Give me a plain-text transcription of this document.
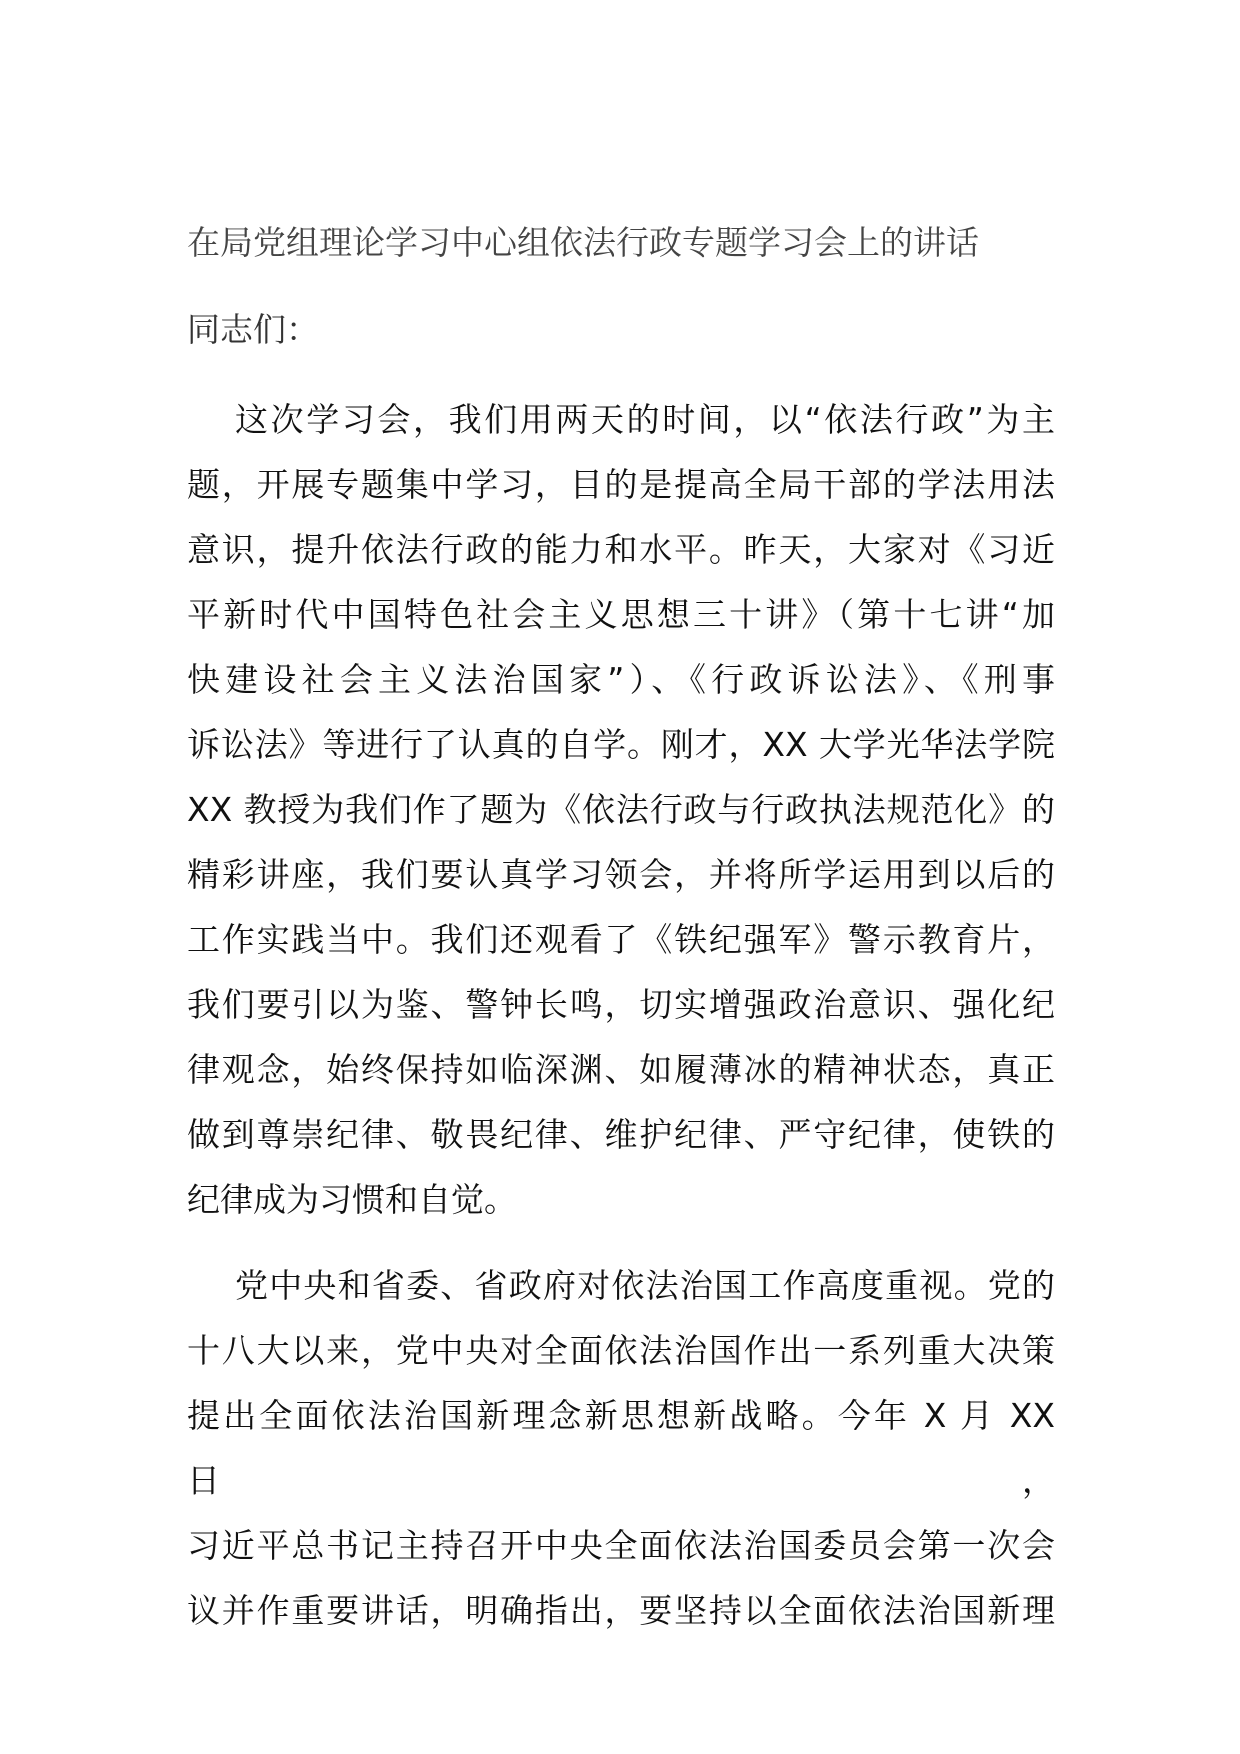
在局党组理论学习中心组依法行政专题学习会上的讲话
同志们：
这次学习会，我们用两天的时间，以“依法行政”为主
题，开展专题集中学习，目的是提高全局干部的学法用法
意识，提升依法行政的能力和水平。昨天，大家对《习近
平新时代中国特色社会主义思想三十讲》（第十七讲“加
快建设社会主义法治国家”）、《行政诉讼法》、《刑事
诉讼法》等进行了认真的自学。刚才，XX 大学光华法学院
XX 教授为我们作了题为《依法行政与行政执法规范化》的
精彩讲座，我们要认真学习领会，并将所学运用到以后的
工作实践当中。我们还观看了《铁纪强军》警示教育片，
我们要引以为鉴、警钟长鸣，切实增强政治意识、强化纪
律观念，始终保持如临深渊、如履薄冰的精神状态，真正
做到尊崇纪律、敬畏纪律、维护纪律、严守纪律，使铁的
纪律成为习惯和自觉。
党中央和省委、省政府对依法治国工作高度重视。党的
十八大以来，党中央对全面依法治国作出一系列重大决策
提出全面依法治国新理念新思想新战略。今年 X 月 XX 日，
习近平总书记主持召开中央全面依法治国委员会第一次会
议并作重要讲话，明确指出，要坚持以全面依法治国新理
